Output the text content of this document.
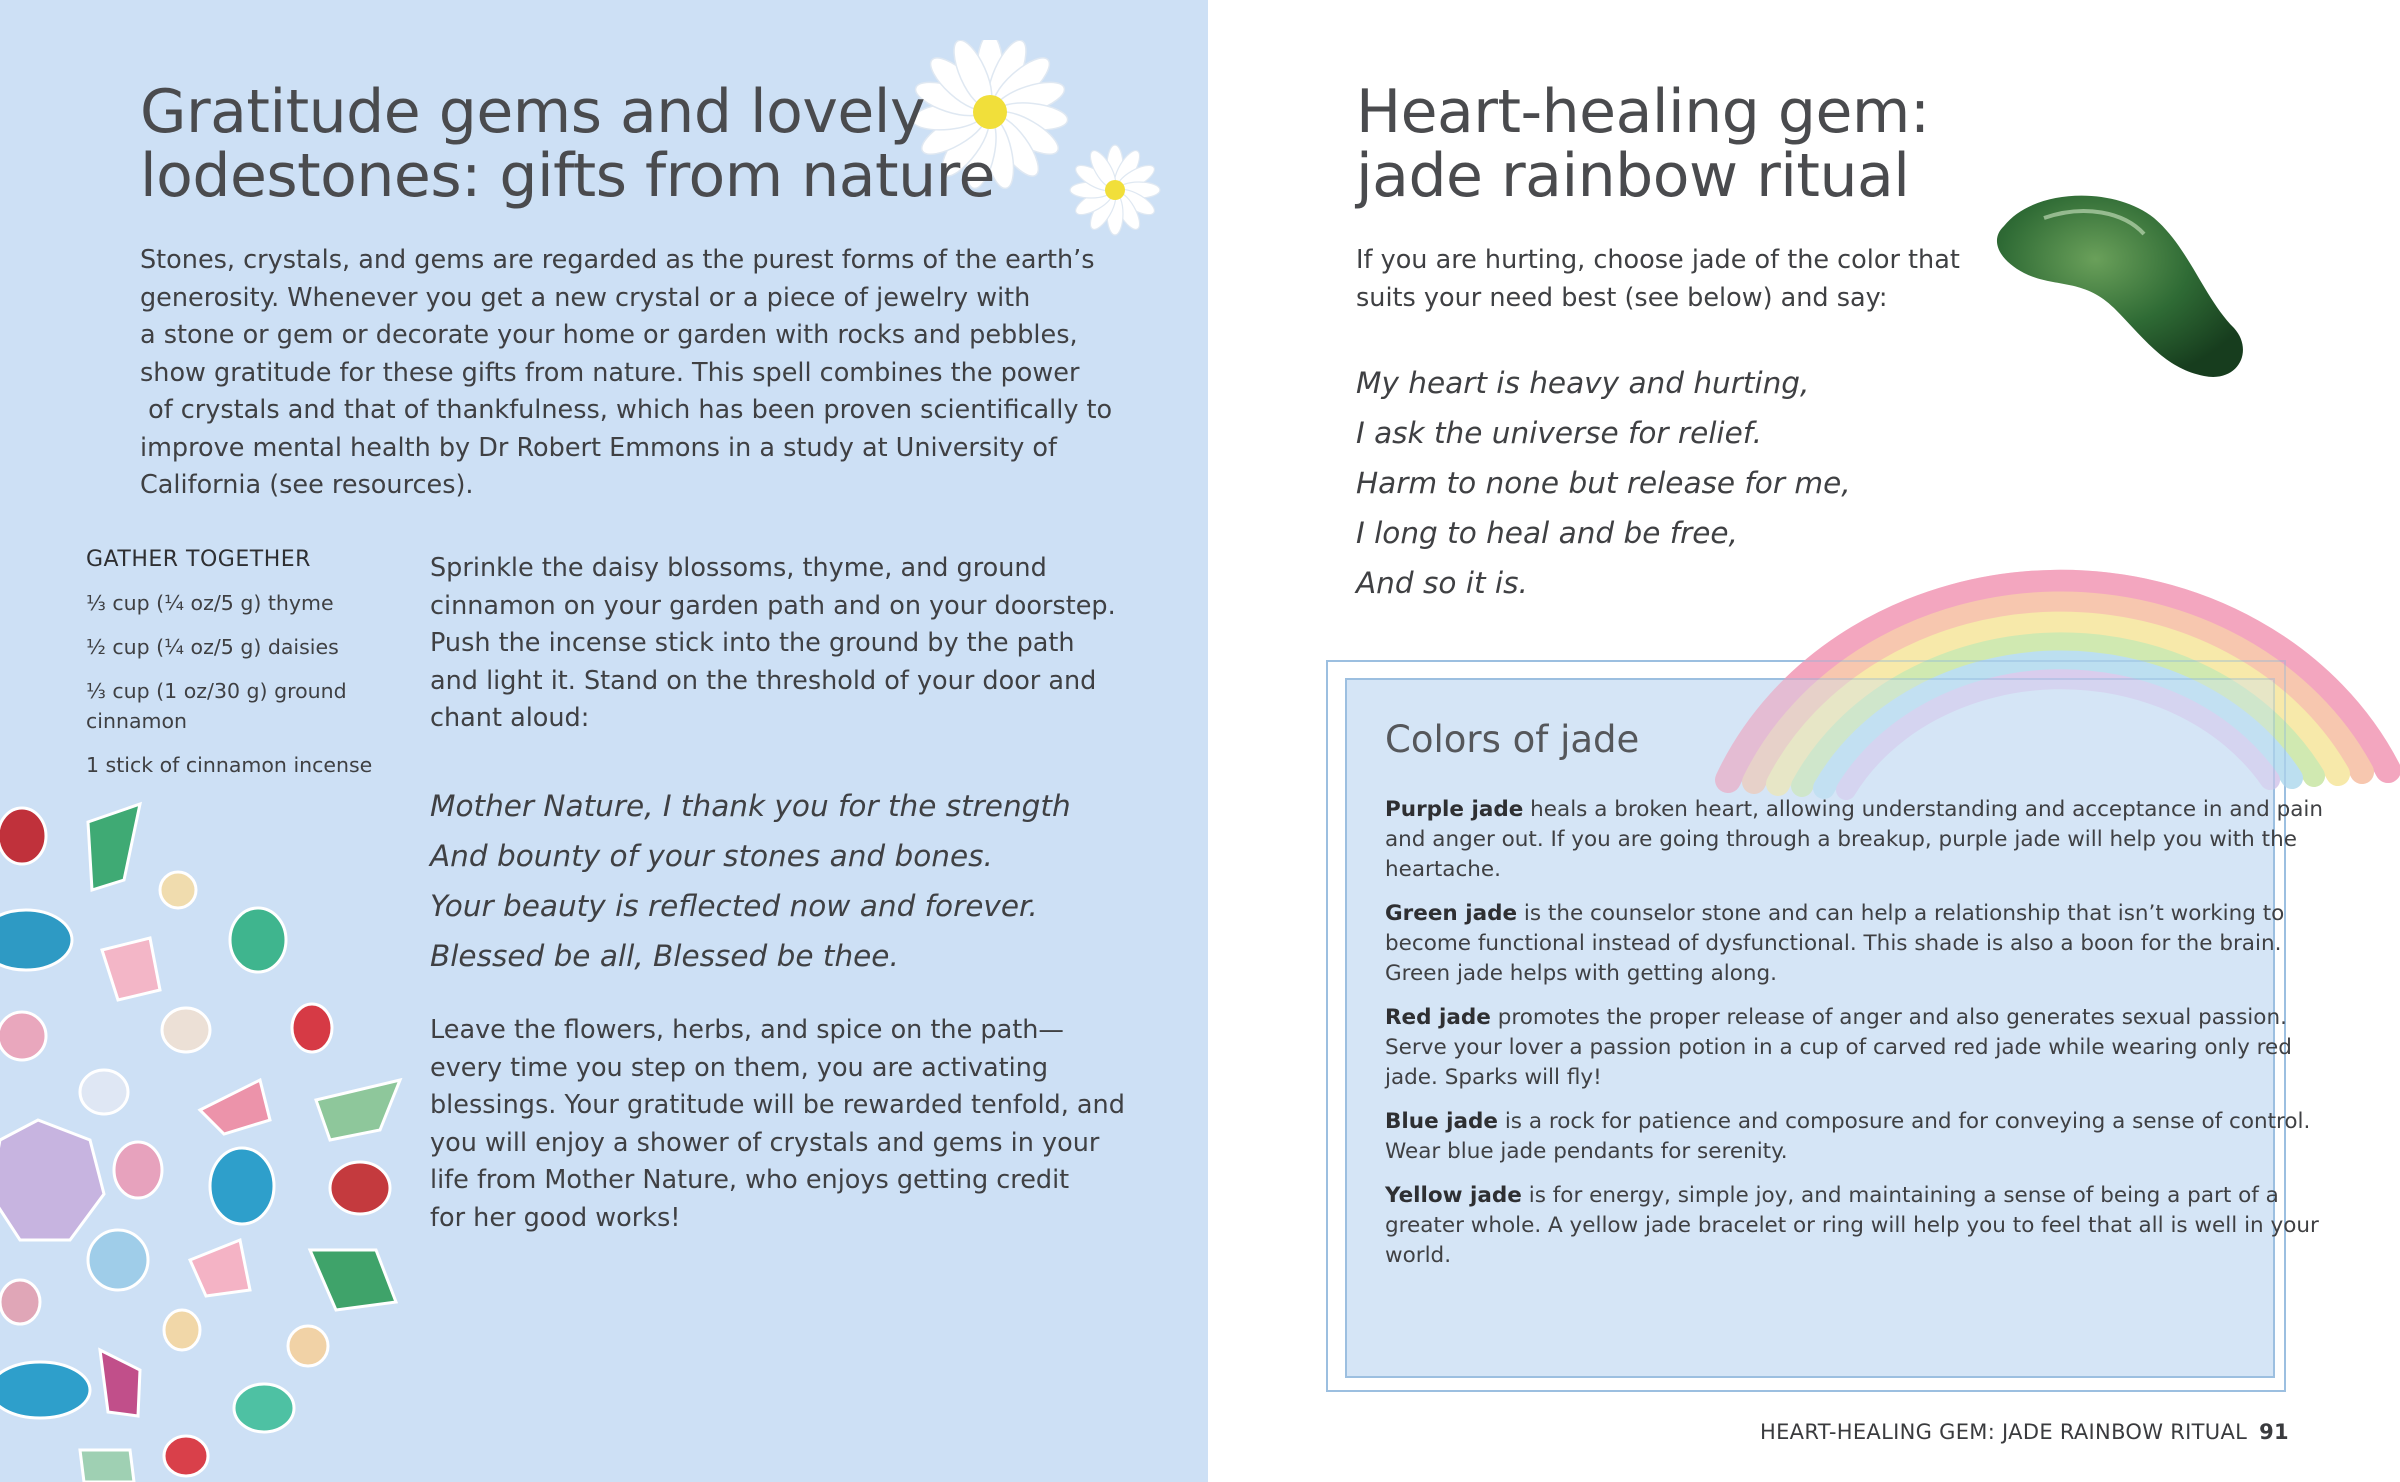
Gratitude gems and lovely
lodestones: gifts from nature
Stones, crystals, and gems are regarded as the purest forms of the earth’s
generosity. Whenever you get a new crystal or a piece of jewelry with
a stone or gem or decorate your home or garden with rocks and pebbles,
show gratitude for these gifts from nature. This spell combines the power
of crystals and that of thankfulness, which has been proven scientifically to
improve mental health by Dr Robert Emmons in a study at University of
California (see resources).
GATHER TOGETHER
⅓ cup (¼ oz/5 g) thyme
½ cup (¼ oz/5 g) daisies
⅓ cup (1 oz/30 g) ground
cinnamon
1 stick of cinnamon incense
Sprinkle the daisy blossoms, thyme, and ground
cinnamon on your garden path and on your doorstep.
Push the incense stick into the ground by the path
and light it. Stand on the threshold of your door and
chant aloud:
Mother Nature, I thank you for the strength
And bounty of your stones and bones.
Your beauty is reflected now and forever.
Blessed be all, Blessed be thee.
Leave the flowers, herbs, and spice on the path—
every time you step on them, you are activating
blessings. Your gratitude will be rewarded tenfold, and
you will enjoy a shower of crystals and gems in your
life from Mother Nature, who enjoys getting credit
for her good works!
Heart-healing gem:
jade rainbow ritual
If you are hurting, choose jade of the color that
suits your need best (see below) and say:
My heart is heavy and hurting,
I ask the universe for relief.
Harm to none but release for me,
I long to heal and be free,
And so it is.
Colors of jade
Purple jade heals a broken heart, allowing understanding and acceptance in and pain
and anger out. If you are going through a breakup, purple jade will help you with the
heartache.
Green jade is the counselor stone and can help a relationship that isn’t working to
become functional instead of dysfunctional. This shade is also a boon for the brain.
Green jade helps with getting along.
Red jade promotes the proper release of anger and also generates sexual passion.
Serve your lover a passion potion in a cup of carved red jade while wearing only red
jade. Sparks will fly!
Blue jade is a rock for patience and composure and for conveying a sense of control.
Wear blue jade pendants for serenity.
Yellow jade is for energy, simple joy, and maintaining a sense of being a part of a
greater whole. A yellow jade bracelet or ring will help you to feel that all is well in your
world.
HEART-HEALING GEM: JADE RAINBOW RITUAL 91
